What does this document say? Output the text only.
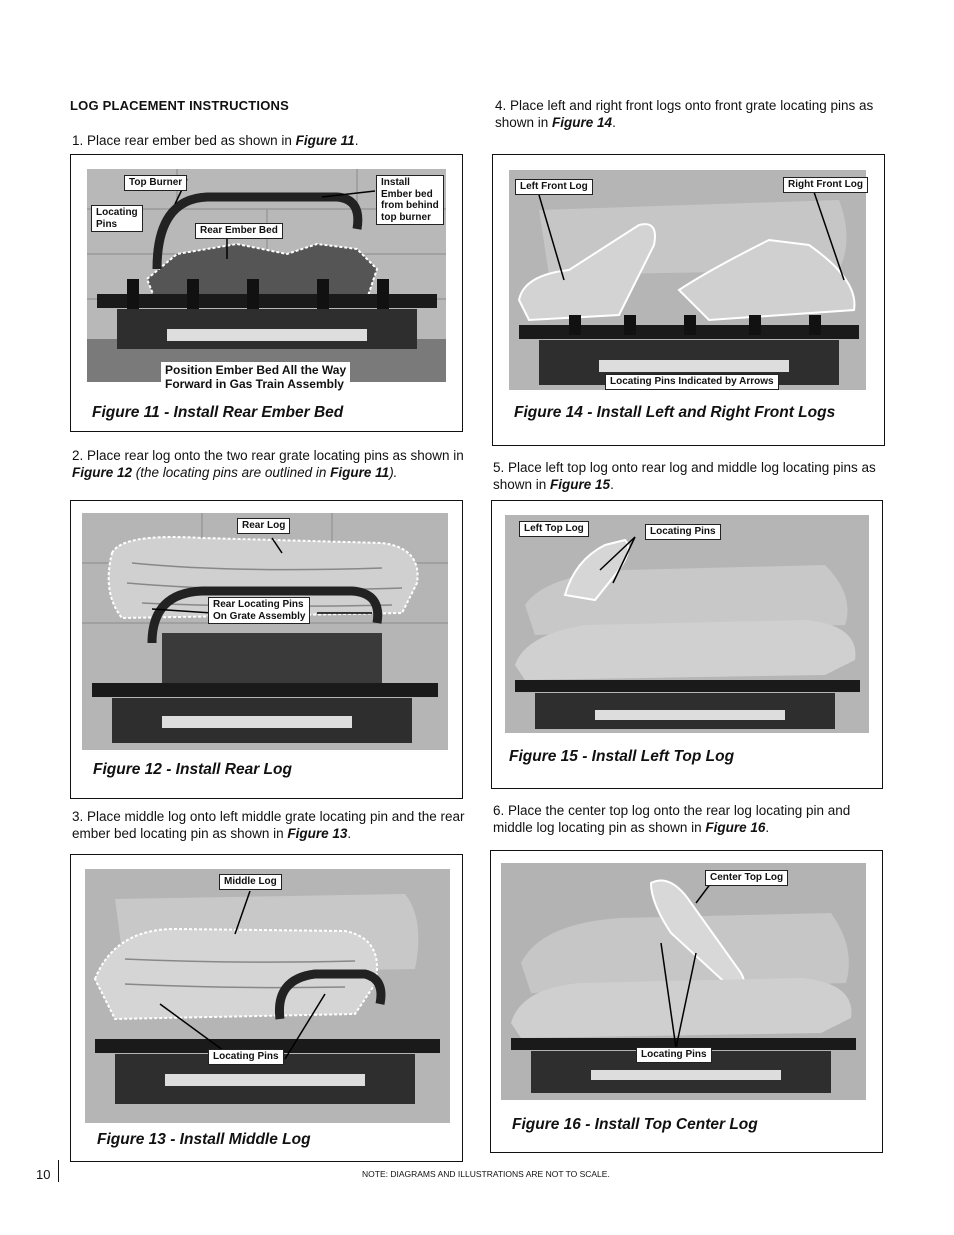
LOG PLACEMENT INSTRUCTIONS
1. Place rear ember bed as shown in Figure 11.
Top Burner
Locating
Pins
Rear Ember Bed
Install
Ember bed
from behind
top burner
Position Ember Bed All the Way
Forward in Gas Train Assembly
Figure 11 - Install Rear Ember Bed
2. Place rear log onto the two rear grate locating pins as shown in Figure 12 (the locating pins are outlined in Figure 11).
Rear Log
Rear Locating Pins
On Grate Assembly
Figure 12 - Install Rear Log
3. Place middle log onto left middle grate locating pin and the rear ember bed locating pin as shown in Figure 13.
Middle Log
Locating Pins
Figure 13 - Install Middle Log
4. Place left and right front logs onto front grate locating pins as shown in Figure 14.
Left Front Log	Right Front Log
Locating Pins Indicated by Arrows
Figure 14 - Install Left and Right Front Logs
5. Place left top log onto rear log and middle log locating pins as shown in Figure 15.
Left Top Log	Locating Pins
Figure 15 - Install Left Top Log
6. Place the center top log onto the rear log locating pin and middle log locating pin as shown in Figure 16.
Center Top Log
Locating Pins
Figure 16 - Install Top Center Log
10	NOTE: DIAGRAMS AND ILLUSTRATIONS ARE NOT TO SCALE.
